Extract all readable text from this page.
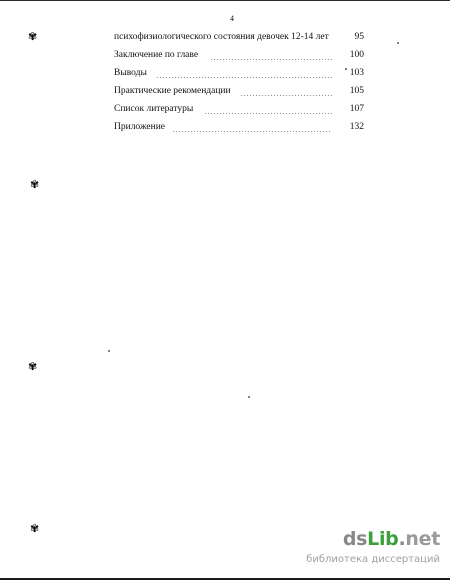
4
психофизиологического состояния девочек 12-14 лет	95
Заключение по главе	100
Выводы	103
Практические рекомендации	105
Список литературы	107
Приложение	132
✾
✾
✾
✾	dsLib.net
библиотека диссертаций
